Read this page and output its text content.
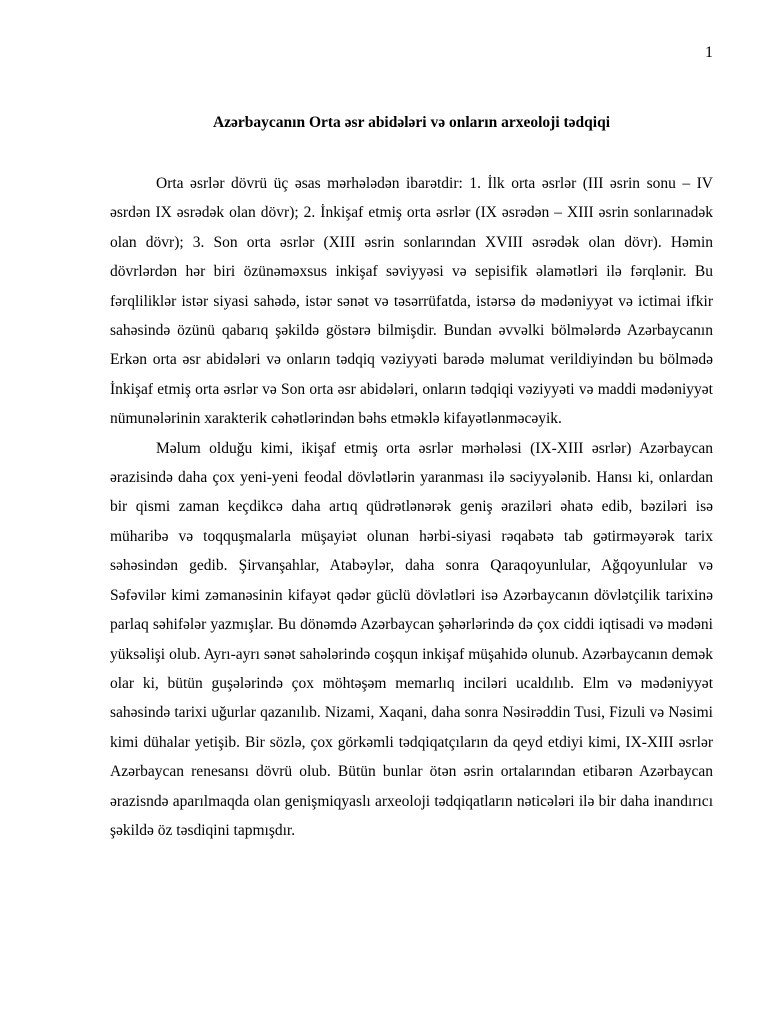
1
Azərbaycanın Orta əsr abidələri və onların arxeoloji tədqiqi

Orta əsrlər dövrü üç əsas mərhələdən ibarətdir: 1. İlk orta əsrlər (III əsrin sonu – IV əsrdən IX əsrədək olan dövr); 2. İnkişaf etmiş orta əsrlər (IX əsrədən – XIII əsrin sonlarınadək olan dövr); 3. Son orta əsrlər (XIII əsrin sonlarından XVIII əsrədək olan dövr). Həmin dövrlərdən hər biri özünəməxsus inkişaf səviyyəsi və sepisifik əlamətləri ilə fərqlənir. Bu fərqliliklər istər siyasi sahədə, istər sənət və təsərrüfatda, istərsə də mədəniyyət və ictimai ifkir sahəsində özünü qabarıq şəkildə göstərə bilmişdir. Bundan əvvəlki bölmələrdə Azərbaycanın Erkən orta əsr abidələri və onların tədqiq vəziyyəti barədə məlumat verildiyindən bu bölmədə İnkişaf etmiş orta əsrlər və Son orta əsr abidələri, onların tədqiqi vəziyyəti və maddi mədəniyyət nümunələrinin xarakterik cəhətlərindən bəhs etməklə kifayətlənməcəyik.

Məlum olduğu kimi, ikişaf etmiş orta əsrlər mərhələsi (IX-XIII əsrlər) Azərbaycan ərazisində daha çox yeni-yeni feodal dövlətlərin yaranması ilə səciyyələnib. Hansı ki, onlardan bir qismi zaman keçdikcə daha artıq qüdrətlənərək geniş əraziləri əhatə edib, bəziləri isə müharibə və toqquşmalarla müşayiət olunan hərbi-siyasi rəqabətə tab gətirməyərək tarix səhəsindən gedib. Şirvanşahlar, Atabəylər, daha sonra Qaraqoyunlular, Ağqoyunlular və Səfəvilər kimi zəmanəsinin kifayət qədər güclü dövlətləri isə Azərbaycanın dövlətçilik tarixinə parlaq səhifələr yazmışlar. Bu dönəmdə Azərbaycan şəhərlərində də çox ciddi iqtisadi və mədəni yüksəlişi olub. Ayrı-ayrı sənət sahələrində coşqun inkişaf müşahidə olunub. Azərbaycanın demək olar ki, bütün guşələrində çox möhtəşəm memarlıq inciləri ucaldılıb. Elm və mədəniyyət sahəsində tarixi uğurlar qazanılıb. Nizami, Xaqani, daha sonra Nəsirəddin Tusi, Fizuli və Nəsimi kimi dühalar yetişib. Bir sözlə, çox görkəmli tədqiqatçıların da qeyd etdiyi kimi, IX-XIII əsrlər Azərbaycan renesansı dövrü olub. Bütün bunlar ötən əsrin ortalarından etibarən Azərbaycan ərazisndə aparılmaqda olan genişmiqyaslı arxeoloji tədqiqatların nəticələri ilə bir daha inandırıcı şəkildə öz təsdiqini tapmışdır.
